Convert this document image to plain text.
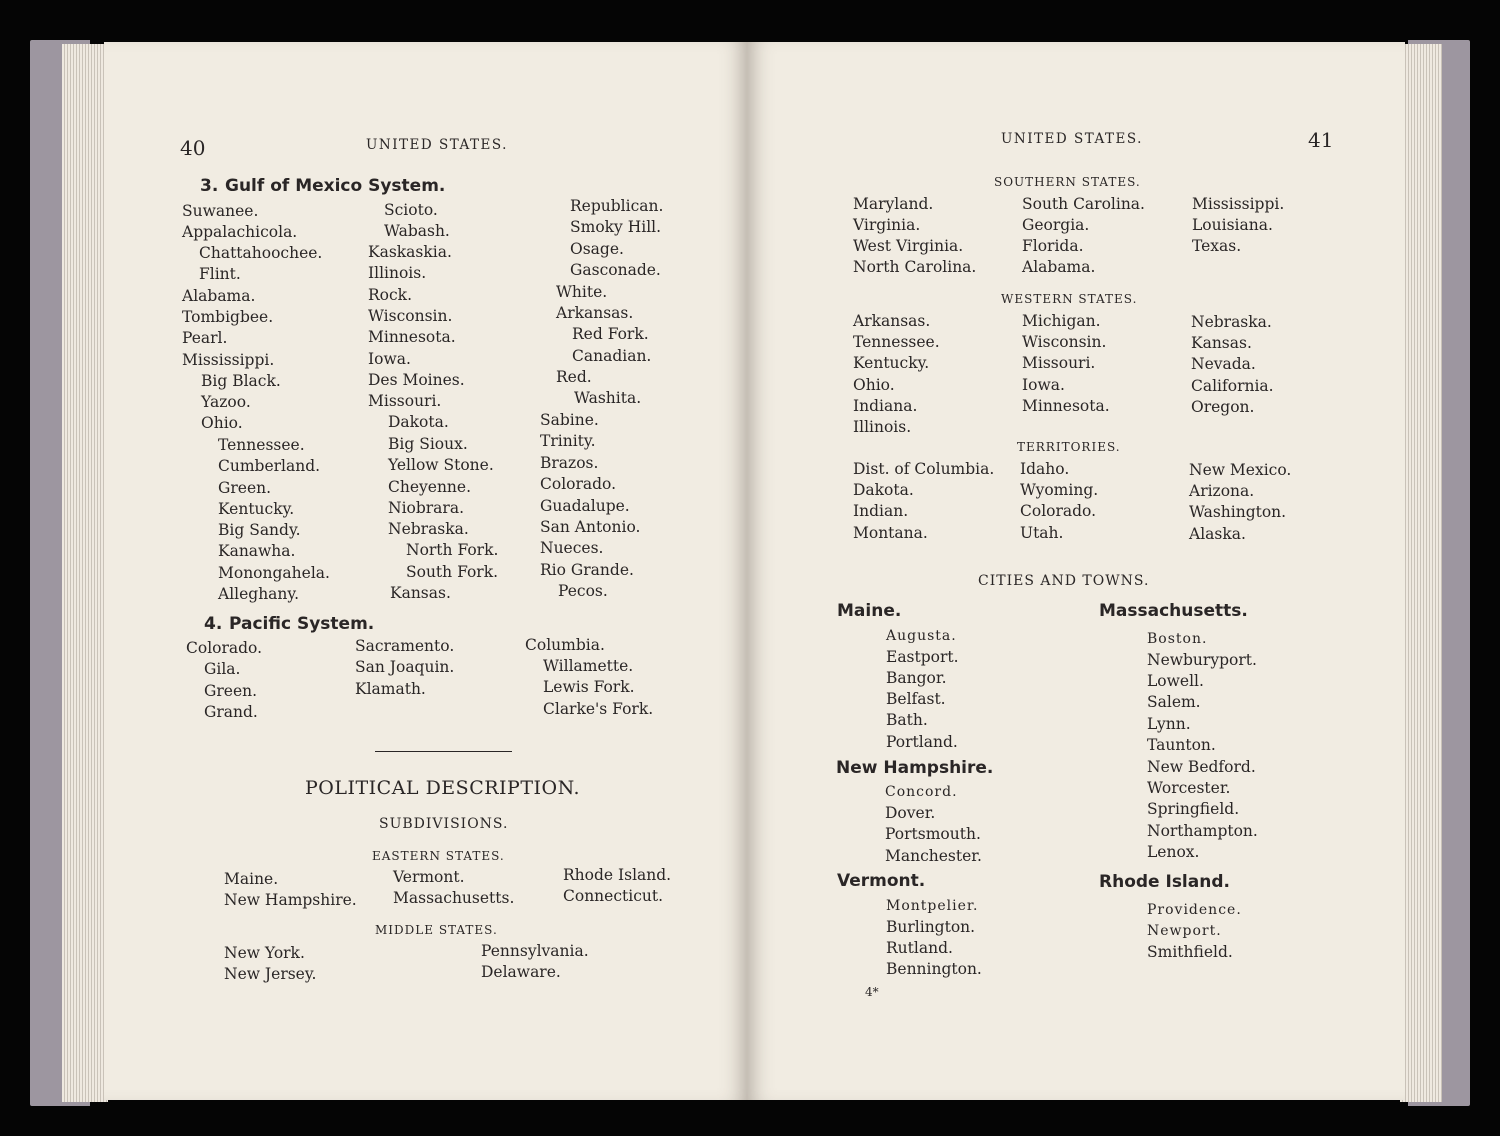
40	UNITED STATES.
3. Gulf of Mexico System.
Suwanee.
Appalachicola.
Chattahoochee.
Flint.
Alabama.
Tombigbee.
Pearl.
Mississippi.
Big Black.
Yazoo.
Ohio.
Tennessee.
Cumberland.
Green.
Kentucky.
Big Sandy.
Kanawha.
Monongahela.
Alleghany.
Scioto.
Wabash.
Kaskaskia.
Illinois.
Rock.
Wisconsin.
Minnesota.
Iowa.
Des Moines.
Missouri.
Dakota.
Big Sioux.
Yellow Stone.
Cheyenne.
Niobrara.
Nebraska.
North Fork.
South Fork.
Kansas.
Republican.
Smoky Hill.
Osage.
Gasconade.
White.
Arkansas.
Red Fork.
Canadian.
Red.
Washita.
Sabine.
Trinity.
Brazos.
Colorado.
Guadalupe.
San Antonio.
Nueces.
Rio Grande.
Pecos.
4. Pacific System.
Colorado.
Gila.
Green.
Grand.
Sacramento.
San Joaquin.
Klamath.
Columbia.
Willamette.
Lewis Fork.
Clarke's Fork.
POLITICAL DESCRIPTION.
SUBDIVISIONS.
EASTERN STATES.
Maine.
New Hampshire.
Vermont.
Massachusetts.
Rhode Island.
Connecticut.
MIDDLE STATES.
New York.
New Jersey.
Pennsylvania.
Delaware.
UNITED STATES.	41
SOUTHERN STATES.
Maryland.
Virginia.
West Virginia.
North Carolina.
South Carolina.
Georgia.
Florida.
Alabama.
Mississippi.
Louisiana.
Texas.
WESTERN STATES.
Arkansas.
Tennessee.
Kentucky.
Ohio.
Indiana.
Illinois.
Michigan.
Wisconsin.
Missouri.
Iowa.
Minnesota.
Nebraska.
Kansas.
Nevada.
California.
Oregon.
TERRITORIES.
Dist. of Columbia.
Dakota.
Indian.
Montana.
Idaho.
Wyoming.
Colorado.
Utah.
New Mexico.
Arizona.
Washington.
Alaska.
CITIES AND TOWNS.
Maine.
Augusta.
Eastport.
Bangor.
Belfast.
Bath.
Portland.
New Hampshire.
Concord.
Dover.
Portsmouth.
Manchester.
Vermont.
Montpelier.
Burlington.
Rutland.
Bennington.
Massachusetts.
Boston.
Newburyport.
Lowell.
Salem.
Lynn.
Taunton.
New Bedford.
Worcester.
Springfield.
Northampton.
Lenox.
Rhode Island.
Providence.
Newport.
Smithfield.
4*
